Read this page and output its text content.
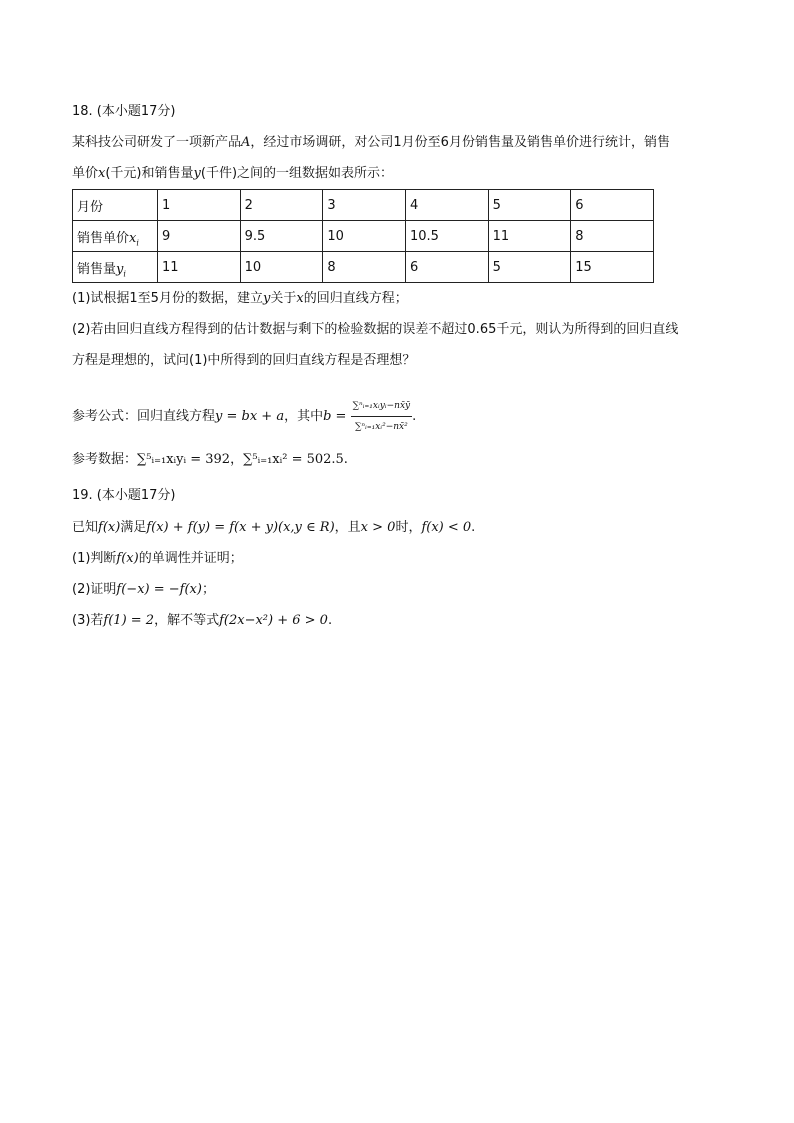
18. (本小题17分)
某科技公司研发了一项新产品A，经过市场调研，对公司1月份至6月份销售量及销售单价进行统计，销售
单价x(千元)和销售量y(千件)之间的一组数据如表所示：
月份	1	2	3	4	5	6
销售单价$x_i$	9	9.5	10	10.5	11	8
销售量$y_i$	11	10	8	6	5	15
(1)试根据1至5月份的数据，建立y关于x的回归直线方程；
(2)若由回归直线方程得到的估计数据与剩下的检验数据的误差不超过0.65千元，则认为所得到的回归直线
方程是理想的，试问(1)中所得到的回归直线方程是否理想？
参考公式：回归直线方程y = bx + a，其中$b = \frac{\text{∑ⁿᵢ₌₁xᵢyᵢ−nx̄ȳ}}{\text{∑ⁿᵢ₌₁xᵢ²−nx̄²}}$ .
参考数据：∑⁵ᵢ₌₁xᵢyᵢ = 392，∑⁵ᵢ₌₁xᵢ² = 502.5.
19. (本小题17分)
已知f(x)满足f(x) + f(y) = f(x + y)(x,y ∈ R)，且x > 0时，f(x) < 0.
(1)判断f(x)的单调性并证明；
(2)证明f(−x) = −f(x)；
(3)若f(1) = 2，解不等式f(2x−x²) + 6 > 0.
